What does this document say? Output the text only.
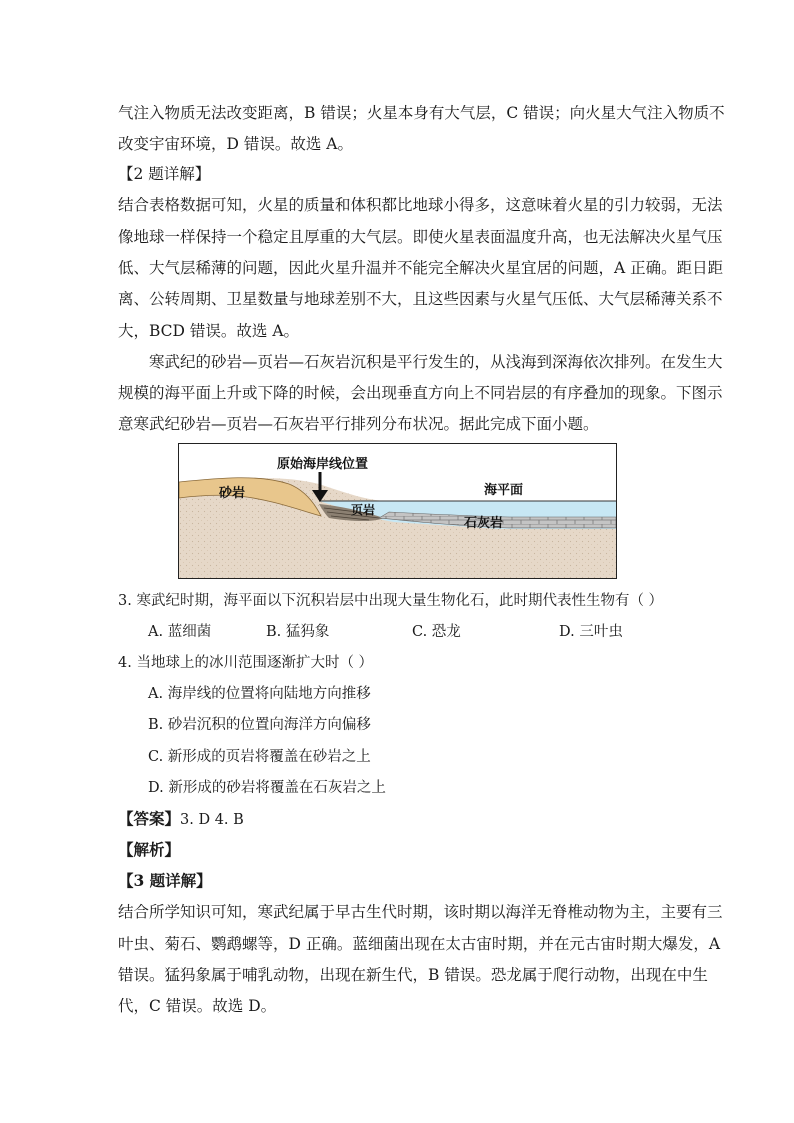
气注入物质无法改变距离，B 错误；火星本身有大气层，C 错误；向火星大气注入物质不
改变宇宙环境，D 错误。故选 A。
【2 题详解】
结合表格数据可知，火星的质量和体积都比地球小得多，这意味着火星的引力较弱，无法
像地球一样保持一个稳定且厚重的大气层。即使火星表面温度升高，也无法解决火星气压
低、大气层稀薄的问题，因此火星升温并不能完全解决火星宜居的问题，A 正确。距日距
离、公转周期、卫星数量与地球差别不大，且这些因素与火星气压低、大气层稀薄关系不
大，BCD 错误。故选 A。
寒武纪的砂岩—页岩—石灰岩沉积是平行发生的，从浅海到深海依次排列。在发生大
规模的海平面上升或下降的时候，会出现垂直方向上不同岩层的有序叠加的现象。下图示
意寒武纪砂岩—页岩—石灰岩平行排列分布状况。据此完成下面小题。
原始海岸线位置
砂岩
页岩
海平面
石灰岩
3. 寒武纪时期，海平面以下沉积岩层中出现大量生物化石，此时期代表性生物有（ ）
A. 蓝细菌	B. 猛犸象	C. 恐龙	D. 三叶虫
4. 当地球上的冰川范围逐渐扩大时（ ）
A. 海岸线的位置将向陆地方向推移
B. 砂岩沉积的位置向海洋方向偏移
C. 新形成的页岩将覆盖在砂岩之上
D. 新形成的砂岩将覆盖在石灰岩之上
【答案】3. D 4. B
【解析】
【3 题详解】
结合所学知识可知，寒武纪属于早古生代时期，该时期以海洋无脊椎动物为主，主要有三
叶虫、菊石、鹦鹉螺等，D 正确。蓝细菌出现在太古宙时期，并在元古宙时期大爆发，A
错误。猛犸象属于哺乳动物，出现在新生代，B 错误。恐龙属于爬行动物，出现在中生
代，C 错误。故选 D。
